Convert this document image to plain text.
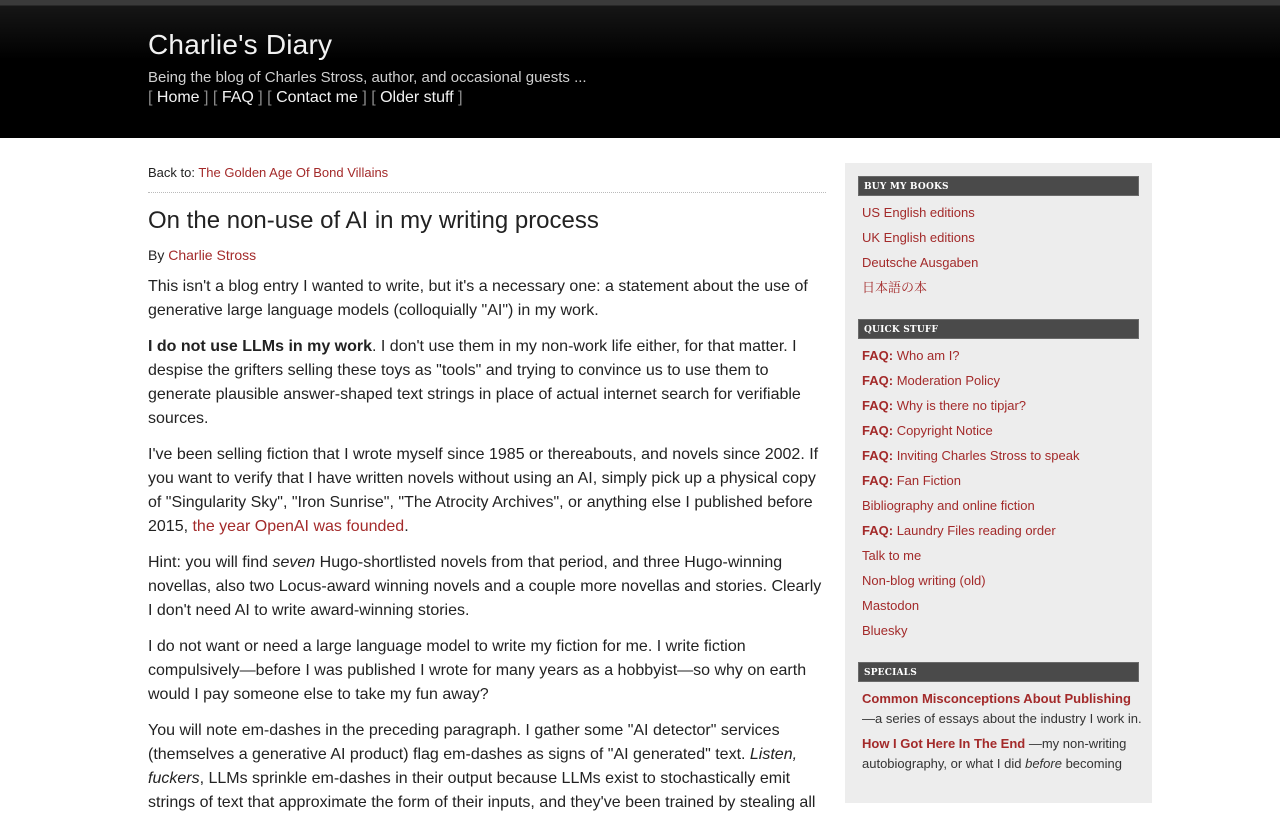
Charlie's Diary
Being the blog of Charles Stross, author, and occasional guests ...
[ Home ] [ FAQ ] [ Contact me ] [ Older stuff ]
Back to: The Golden Age Of Bond Villains
On the non-use of AI in my writing process
By Charlie Stross

This isn't a blog entry I wanted to write, but it's a necessary one: a statement about the use of generative large language models (colloquially "AI") in my work.

I do not use LLMs in my work. I don't use them in my non-work life either, for that matter. I despise the grifters selling these toys as "tools" and trying to convince us to use them to generate plausible answer-shaped text strings in place of actual internet search for verifiable sources.

I've been selling fiction that I wrote myself since 1985 or thereabouts, and novels since 2002. If you want to verify that I have written novels without using an AI, simply pick up a physical copy of "Singularity Sky", "Iron Sunrise", "The Atrocity Archives", or anything else I published before 2015, the year OpenAI was founded.

Hint: you will find seven Hugo-shortlisted novels from that period, and three Hugo-winning novellas, also two Locus-award winning novels and a couple more novellas and stories. Clearly I don't need AI to write award-winning stories.

I do not want or need a large language model to write my fiction for me. I write fiction compulsively—before I was published I wrote for many years as a hobbyist—so why on earth would I pay someone else to take my fun away?

You will note em-dashes in the preceding paragraph. I gather some "AI detector" services (themselves a generative AI product) flag em-dashes as signs of "AI generated" text. Listen, fuckers, LLMs sprinkle em-dashes in their output because LLMs exist to stochastically emit strings of text that approximate the form of their inputs, and they've been trained by stealing all

BUY MY BOOKS
US English editions
UK English editions
Deutsche Ausgaben
日本語の本
QUICK STUFF
FAQ: Who am I?
FAQ: Moderation Policy
FAQ: Why is there no tipjar?
FAQ: Copyright Notice
FAQ: Inviting Charles Stross to speak
FAQ: Fan Fiction
Bibliography and online fiction
FAQ: Laundry Files reading order
Talk to me
Non-blog writing (old)
Mastodon
Bluesky
SPECIALS
Common Misconceptions About Publishing—a series of essays about the industry I work in.
How I Got Here In The End —my non-writing autobiography, or what I did before becoming
